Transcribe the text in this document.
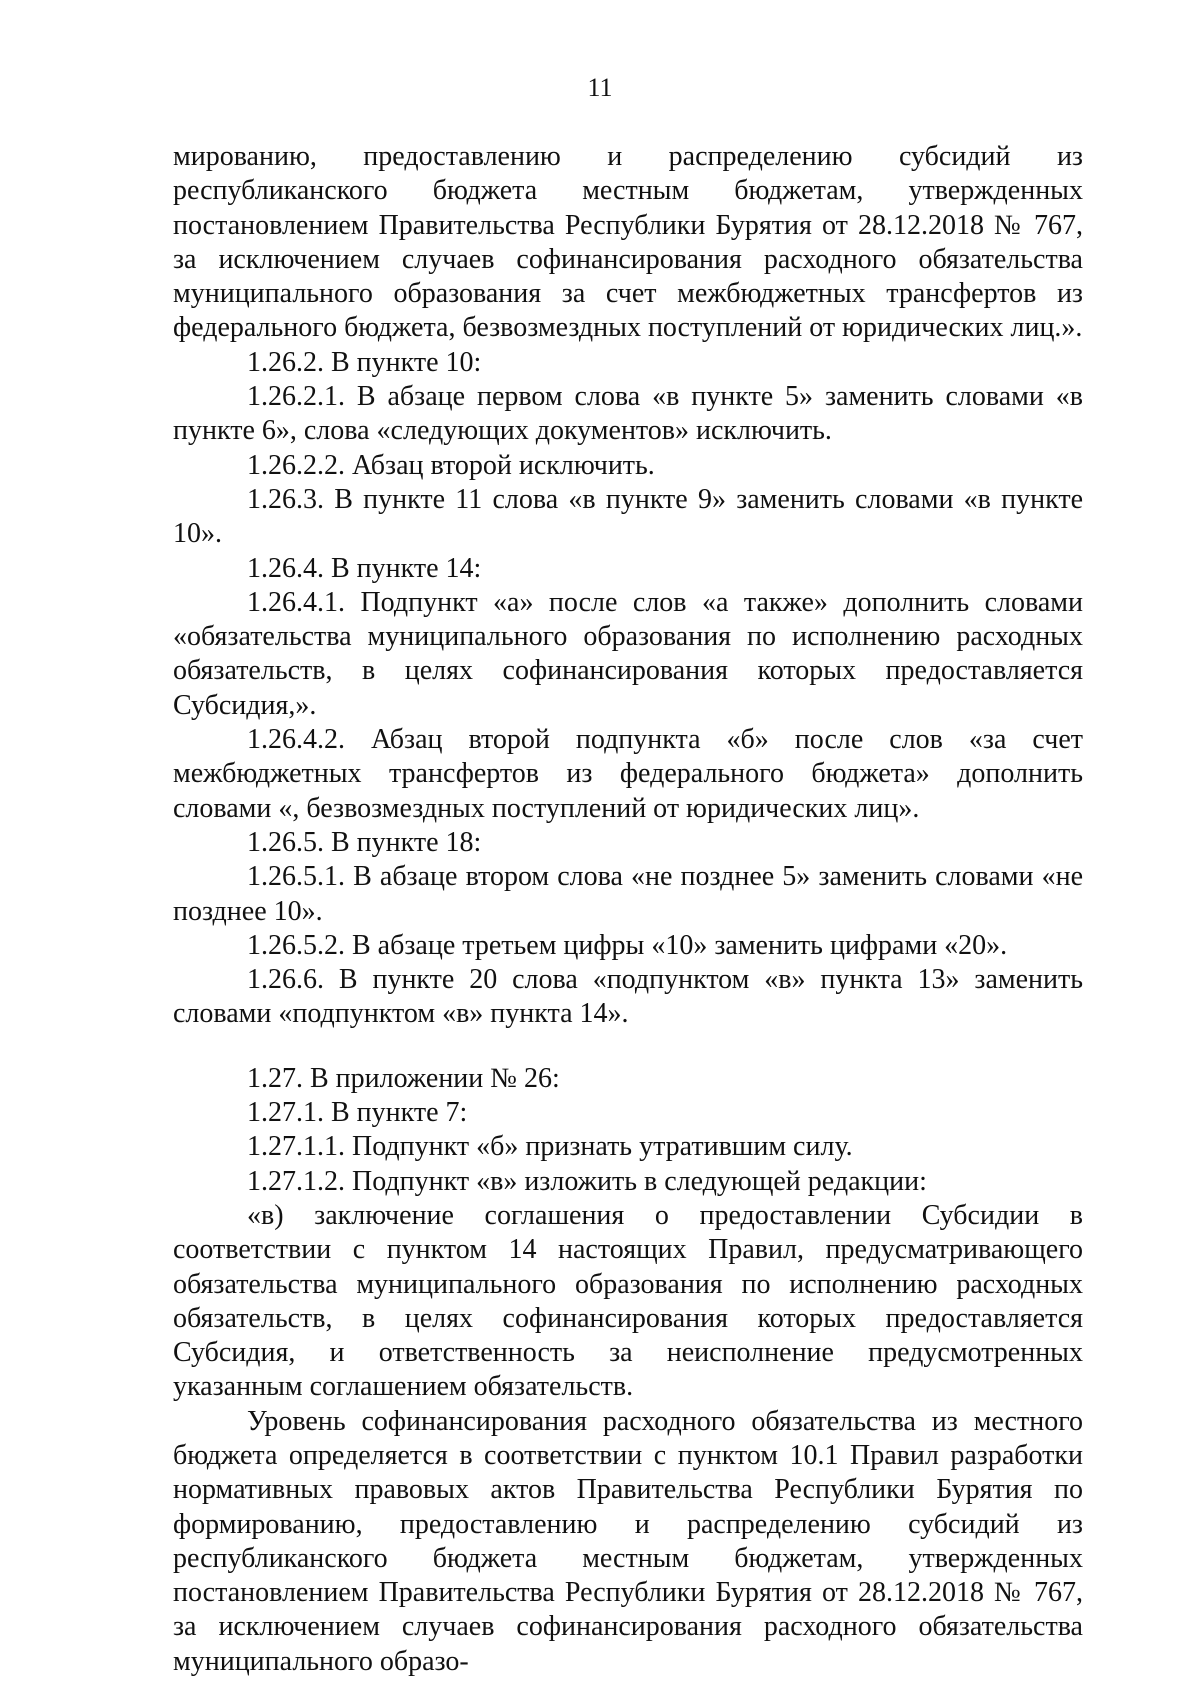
11

мированию, предоставлению и распределению субсидий из республиканского бюджета местным бюджетам, утвержденных постановлением Правительства Республики Бурятия от 28.12.2018 № 767, за исключением случаев софинансирования расходного обязательства муниципального образования за счет межбюджетных трансфертов из федерального бюджета, безвозмездных поступлений от юридических лиц.».

1.26.2. В пункте 10:

1.26.2.1. В абзаце первом слова «в пункте 5» заменить словами «в пункте 6», слова «следующих документов» исключить.

1.26.2.2. Абзац второй исключить.

1.26.3. В пункте 11 слова «в пункте 9» заменить словами «в пункте 10».

1.26.4. В пункте 14:

1.26.4.1. Подпункт «а» после слов «а также» дополнить словами «обязательства муниципального образования по исполнению расходных обязательств, в целях софинансирования которых предоставляется Субсидия,».

1.26.4.2. Абзац второй подпункта «б» после слов «за счет межбюджетных трансфертов из федерального бюджета» дополнить словами «, безвозмездных поступлений от юридических лиц».

1.26.5. В пункте 18:

1.26.5.1. В абзаце втором слова «не позднее 5» заменить словами «не позднее 10».

1.26.5.2. В абзаце третьем цифры «10» заменить цифрами «20».

1.26.6. В пункте 20 слова «подпунктом «в» пункта 13» заменить словами «подпунктом «в» пункта 14».

1.27. В приложении № 26:

1.27.1. В пункте 7:

1.27.1.1. Подпункт «б» признать утратившим силу.

1.27.1.2. Подпункт «в» изложить в следующей редакции:

«в) заключение соглашения о предоставлении Субсидии в соответствии с пунктом 14 настоящих Правил, предусматривающего обязательства муниципального образования по исполнению расходных обязательств, в целях софинансирования которых предоставляется Субсидия, и ответственность за неисполнение предусмотренных указанным соглашением обязательств.

Уровень софинансирования расходного обязательства из местного бюджета определяется в соответствии с пунктом 10.1 Правил разработки нормативных правовых актов Правительства Республики Бурятия по формированию, предоставлению и распределению субсидий из республиканского бюджета местным бюджетам, утвержденных постановлением Правительства Республики Бурятия от 28.12.2018 № 767, за исключением случаев софинансирования расходного обязательства муниципального образо-
